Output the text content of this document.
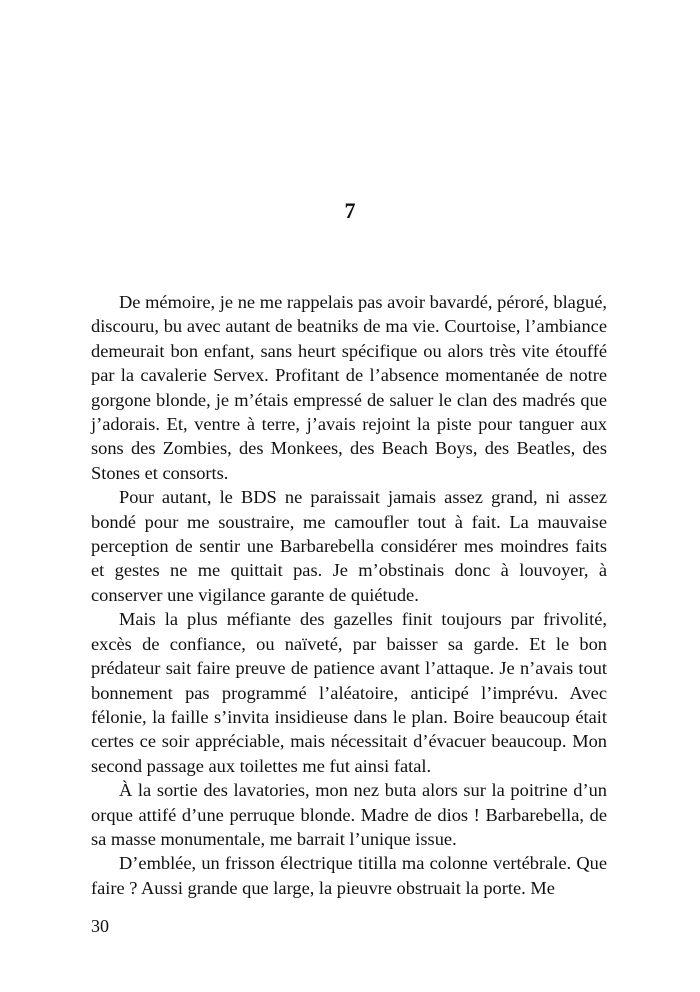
7

De mémoire, je ne me rappelais pas avoir bavardé, pérоré, blagué, discouru, bu avec autant de beatniks de ma vie. Courtoise, l’ambiance demeurait bon enfant, sans heurt spécifique ou alors très vite étouffé par la cavalerie Servex. Profitant de l’absence momentanée de notre gorgone blonde, je m’étais empressé de saluer le clan des madrés que j’adorais. Et, ventre à terre, j’avais rejoint la piste pour tanguer aux sons des Zombies, des Monkees, des Beach Boys, des Beatles, des Stones et consorts.

Pour autant, le BDS ne paraissait jamais assez grand, ni assez bondé pour me soustraire, me camoufler tout à fait. La mauvaise perception de sentir une Barbarebella considérer mes moindres faits et gestes ne me quittait pas. Je m’obstinais donc à louvoyer, à conserver une vigilance garante de quiétude.

Mais la plus méfiante des gazelles finit toujours par frivolité, excès de confiance, ou naïveté, par baisser sa garde. Et le bon prédateur sait faire preuve de patience avant l’attaque. Je n’avais tout bonnement pas programmé l’aléatoire, anticipé l’imprévu. Avec félonie, la faille s’invita insidieuse dans le plan. Boire beaucoup était certes ce soir appréciable, mais nécessitait d’évacuer beaucoup. Mon second passage aux toilettes me fut ainsi fatal.

À la sortie des lavatories, mon nez buta alors sur la poitrine d’un orque attifé d’une perruque blonde. Madre de dios ! Barbarebella, de sa masse monumentale, me barrait l’unique issue.

D’emblée, un frisson électrique titilla ma colonne vertébrale. Que faire ? Aussi grande que large, la pieuvre obstruait la porte. Me

30
